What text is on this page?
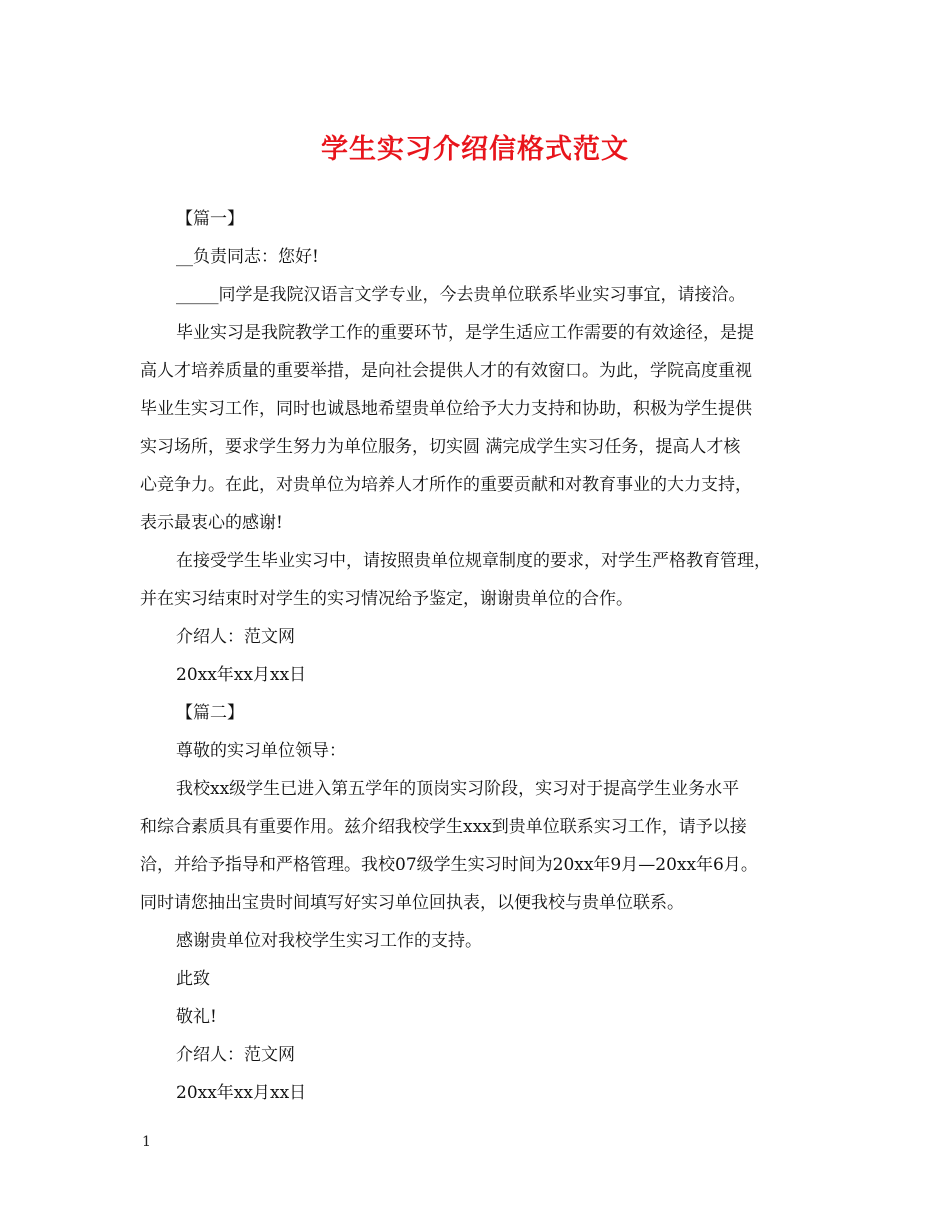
学生实习介绍信格式范文
【篇一】
__负责同志：您好!
_____同学是我院汉语言文学专业，今去贵单位联系毕业实习事宜，请接洽。
毕业实习是我院教学工作的重要环节，是学生适应工作需要的有效途径，是提
高人才培养质量的重要举措，是向社会提供人才的有效窗口。为此，学院高度重视
毕业生实习工作，同时也诚恳地希望贵单位给予大力支持和协助，积极为学生提供
实习场所，要求学生努力为单位服务，切实圆 满完成学生实习任务，提高人才核
心竞争力。在此，对贵单位为培养人才所作的重要贡献和对教育事业的大力支持，
表示最衷心的感谢!
在接受学生毕业实习中，请按照贵单位规章制度的要求，对学生严格教育管理，
并在实习结束时对学生的实习情况给予鉴定，谢谢贵单位的合作。
介绍人：范文网
20xx年xx月xx日
【篇二】
尊敬的实习单位领导：
我校xx级学生已进入第五学年的顶岗实习阶段，实习对于提高学生业务水平
和综合素质具有重要作用。兹介绍我校学生xxx到贵单位联系实习工作，请予以接
洽，并给予指导和严格管理。我校07级学生实习时间为20xx年9月—20xx年6月。
同时请您抽出宝贵时间填写好实习单位回执表，以便我校与贵单位联系。
感谢贵单位对我校学生实习工作的支持。
此致
敬礼!
介绍人：范文网
20xx年xx月xx日
1
